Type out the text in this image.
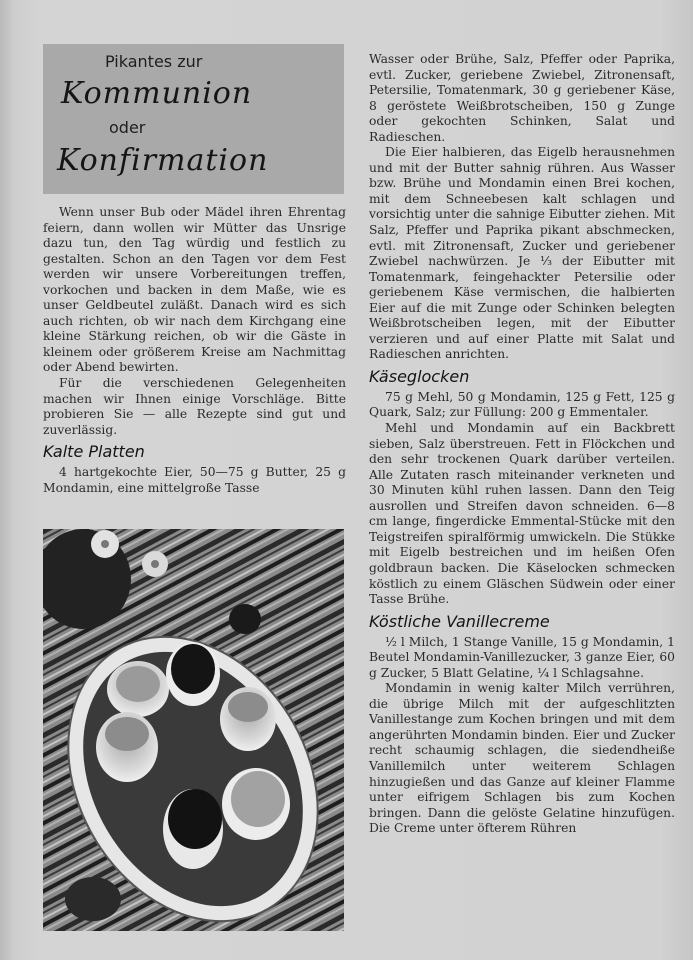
Pikantes zur
Kommunion
oder
Konfirmation

Wenn unser Bub oder Mädel ihren Ehrentag feiern, dann wollen wir Mütter das Unsrige dazu tun, den Tag würdig und festlich zu gestalten. Schon an den Tagen vor dem Fest werden wir unsere Vorbereitungen treffen, vorkochen und backen in dem Maße, wie es unser Geldbeutel zuläßt. Danach wird es sich auch richten, ob wir nach dem Kirchgang eine kleine Stärkung reichen, ob wir die Gäste in kleinem oder größerem Kreise am Nachmittag oder Abend bewirten.

Für die verschiedenen Gelegenheiten machen wir Ihnen einige Vorschläge. Bitte probieren Sie — alle Rezepte sind gut und zuverlässig.

Kalte Platten

4 hartgekochte Eier, 50—75 g Butter, 25 g Mondamin, eine mittelgroße Tasse

Wasser oder Brühe, Salz, Pfeffer oder Paprika, evtl. Zucker, geriebene Zwiebel, Zitronensaft, Petersilie, Tomatenmark, 30 g geriebener Käse, 8 geröstete Weißbrotscheiben, 150 g Zunge oder gekochten Schinken, Salat und Radieschen.

Die Eier halbieren, das Eigelb herausnehmen und mit der Butter sahnig rühren. Aus Wasser bzw. Brühe und Mondamin einen Brei kochen, mit dem Schneebesen kalt schlagen und vorsichtig unter die sahnige Eibutter ziehen. Mit Salz, Pfeffer und Paprika pikant abschmecken, evtl. mit Zitronensaft, Zucker und geriebener Zwiebel nachwürzen. Je ⅓ der Eibutter mit Tomatenmark, feingehackter Petersilie oder geriebenem Käse vermischen, die halbierten Eier auf die mit Zunge oder Schinken belegten Weißbrotscheiben legen, mit der Eibutter verzieren und auf einer Platte mit Salat und Radieschen anrichten.

Käseglocken

75 g Mehl, 50 g Mondamin, 125 g Fett, 125 g Quark, Salz; zur Füllung: 200 g Emmentaler.

Mehl und Mondamin auf ein Backbrett sieben, Salz überstreuen. Fett in Flöckchen und den sehr trockenen Quark darüber verteilen. Alle Zutaten rasch miteinander verkneten und 30 Minuten kühl ruhen lassen. Dann den Teig ausrollen und Streifen davon schneiden. 6—8 cm lange, fingerdicke Emmental-Stücke mit den Teigstreifen spiralförmig umwickeln. Die Stükke mit Eigelb bestreichen und im heißen Ofen goldbraun backen. Die Käselocken schmecken köstlich zu einem Gläschen Südwein oder einer Tasse Brühe.

Köstliche Vanillecreme

½ l Milch, 1 Stange Vanille, 15 g Mondamin, 1 Beutel Mondamin-Vanillezucker, 3 ganze Eier, 60 g Zucker, 5 Blatt Gelatine, ¼ l Schlagsahne.

Mondamin in wenig kalter Milch verrühren, die übrige Milch mit der aufgeschlitzten Vanillestange zum Kochen bringen und mit dem angerührten Mondamin binden. Eier und Zucker recht schaumig schlagen, die siedendheiße Vanillemilch unter weiterem Schlagen hinzugießen und das Ganze auf kleiner Flamme unter eifrigem Schlagen bis zum Kochen bringen. Dann die gelöste Gelatine hinzufügen. Die Creme unter öfterem Rühren
